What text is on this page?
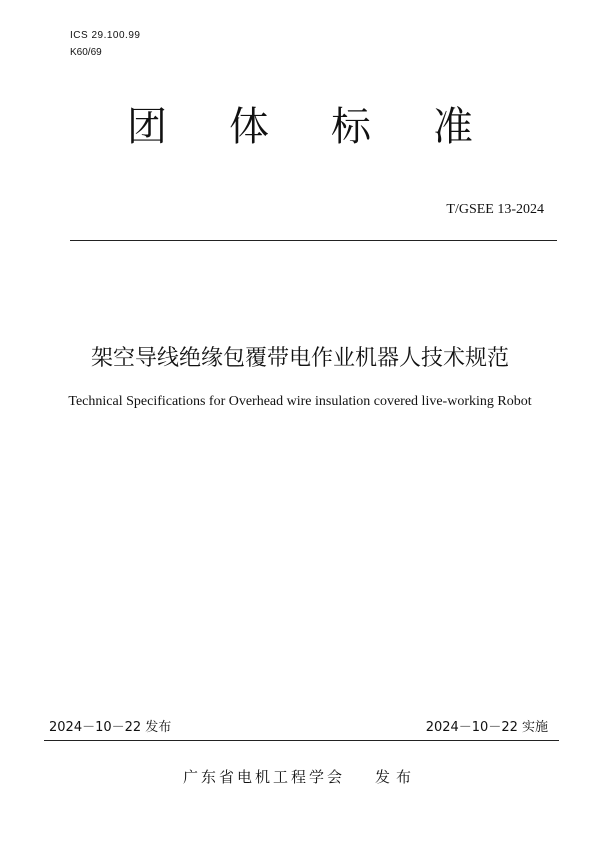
ICS 29.100.99
K60/69
团体标准
T/GSEE 13-2024
架空导线绝缘包覆带电作业机器人技术规范
Technical Specifications for Overhead wire insulation covered live-working Robot
2024－10－22 发布	2024－10－22 实施
广东省电机工程学会 发布
